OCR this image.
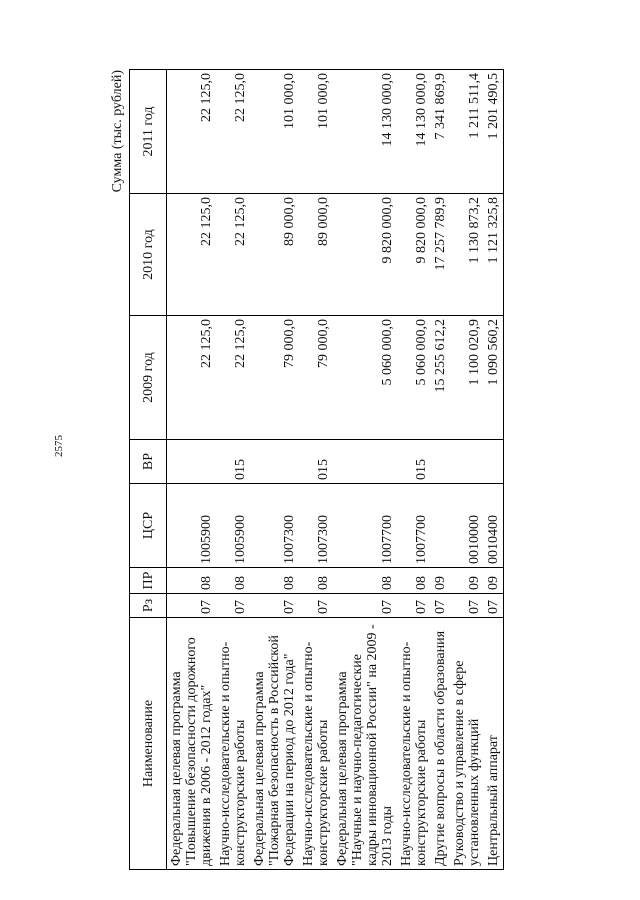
2575
Сумма (тыс. рублей)
Наименование	Рз	ПР	ЦСР	ВР	2009 год	2010 год	2011 год
Федеральная целевая программа "Повышение безопасности дорожного движения в 2006 - 2012 годах"	07	08	1005900		22 125,0	22 125,0	22 125,0
Научно-исследовательские и опытно-конструкторские работы	07	08	1005900	015	22 125,0	22 125,0	22 125,0
Федеральная целевая программа "Пожарная безопасность в Российской Федерации на период до 2012 года"	07	08	1007300		79 000,0	89 000,0	101 000,0
Научно-исследовательские и опытно-конструкторские работы	07	08	1007300	015	79 000,0	89 000,0	101 000,0
Федеральная целевая программа "Научные и научно-педагогические кадры инновационной России" на 2009 - 2013 годы	07	08	1007700		5 060 000,0	9 820 000,0	14 130 000,0
Научно-исследовательские и опытно-конструкторские работы	07	08	1007700	015	5 060 000,0	9 820 000,0	14 130 000,0
Другие вопросы в области образования	07	09			15 255 612,2	17 257 789,9	7 341 869,9
Руководство и управление в сфере установленных функций	07	09	0010000		1 100 020,9	1 130 873,2	1 211 511,4
Центральный аппарат	07	09	0010400		1 090 560,2	1 121 325,8	1 201 490,5
